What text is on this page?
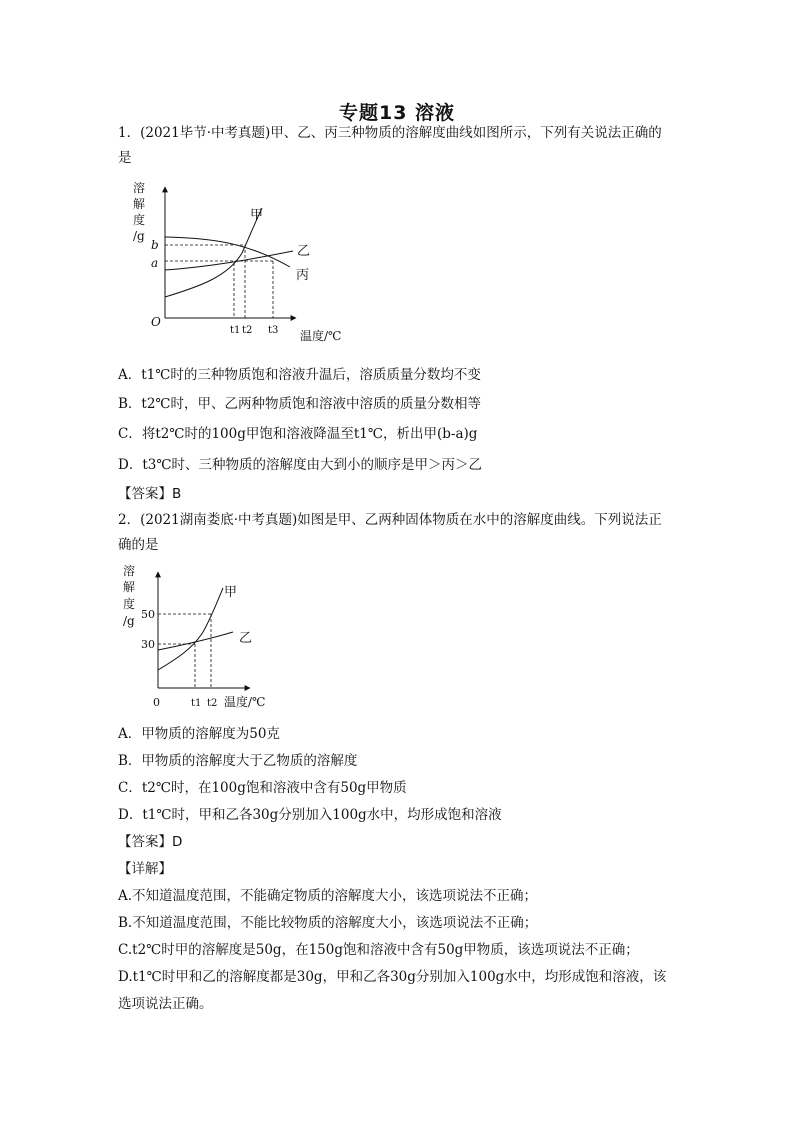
专题13 溶液
1．(2021毕节·中考真题)甲、乙、丙三种物质的溶解度曲线如图所示，下列有关说法正确的
是
溶
解
度
/g
b
a
O
t1 t2 t3 温度/℃
甲
乙
丙
A．t1℃时的三种物质饱和溶液升温后，溶质质量分数均不变
B．t2℃时，甲、乙两种物质饱和溶液中溶质的质量分数相等
C．将t2℃时的100g甲饱和溶液降温至t1℃，析出甲(b-a)g
D．t3℃时、三种物质的溶解度由大到小的顺序是甲＞丙＞乙
【答案】B
2．(2021湖南娄底·中考真题)如图是甲、乙两种固体物质在水中的溶解度曲线。下列说法正
确的是
溶
解
度
/g 50
30
0	t1 t2 温度/℃
甲
乙
A．甲物质的溶解度为50克
B．甲物质的溶解度大于乙物质的溶解度
C．t2℃时，在100g饱和溶液中含有50g甲物质
D．t1℃时，甲和乙各30g分别加入100g水中，均形成饱和溶液
【答案】D
【详解】
A.不知道温度范围，不能确定物质的溶解度大小，该选项说法不正确；
B.不知道温度范围，不能比较物质的溶解度大小，该选项说法不正确；
C.t2℃时甲的溶解度是50g，在150g饱和溶液中含有50g甲物质，该选项说法不正确；
D.t1℃时甲和乙的溶解度都是30g，甲和乙各30g分别加入100g水中，均形成饱和溶液，该
选项说法正确。
